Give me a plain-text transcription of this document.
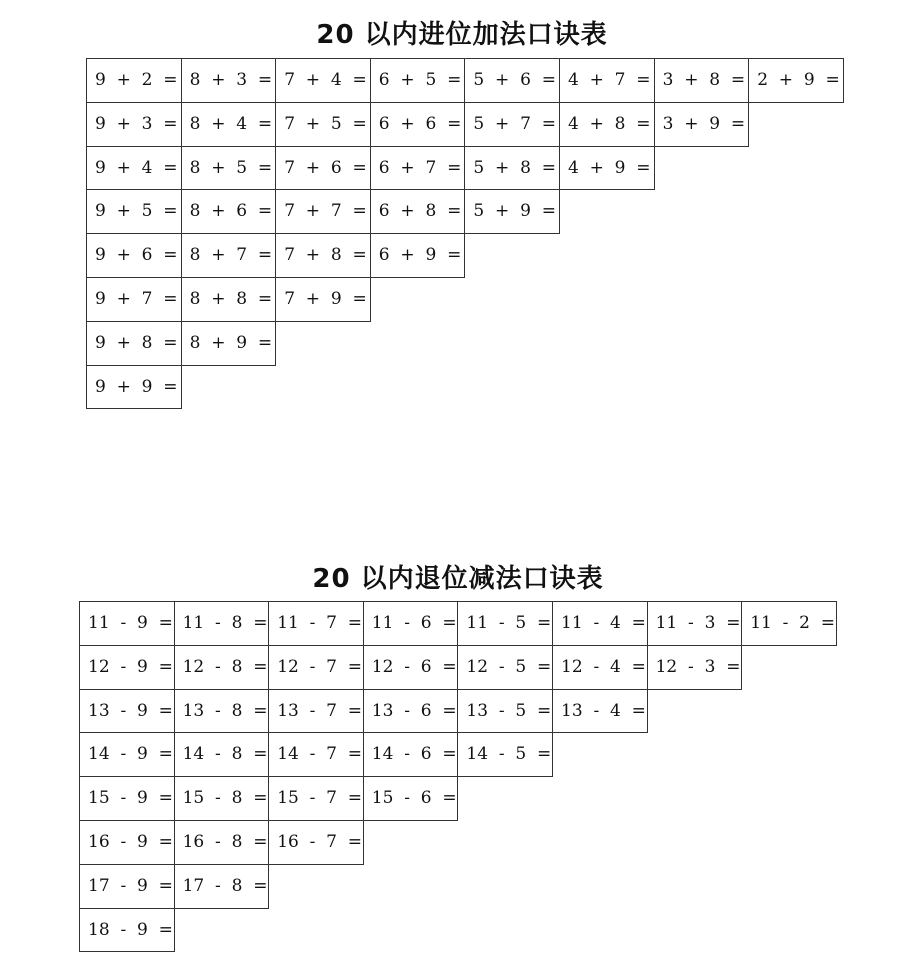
20 以内进位加法口诀表
9  +  2  = 8  +  3  = 7  +  4  = 6  +  5  = 5  +  6  = 4  +  7  = 3  +  8  = 2  +  9  =
9  +  3  = 8  +  4  = 7  +  5  = 6  +  6  = 5  +  7  = 4  +  8  = 3  +  9  =
9  +  4  = 8  +  5  = 7  +  6  = 6  +  7  = 5  +  8  = 4  +  9  =
9  +  5  = 8  +  6  = 7  +  7  = 6  +  8  = 5  +  9  =
9  +  6  = 8  +  7  = 7  +  8  = 6  +  9  =
9  +  7  = 8  +  8  = 7  +  9  =
9  +  8  = 8  +  9  =
9  +  9  =
20 以内退位减法口诀表
11  -  9  = 11  -  8  = 11  -  7  = 11  -  6  = 11  -  5  = 11  -  4  = 11  -  3  = 11  -  2  =
12  -  9  = 12  -  8  = 12  -  7  = 12  -  6  = 12  -  5  = 12  -  4  = 12  -  3  =
13  -  9  = 13  -  8  = 13  -  7  = 13  -  6  = 13  -  5  = 13  -  4  =
14  -  9  = 14  -  8  = 14  -  7  = 14  -  6  = 14  -  5  =
15  -  9  = 15  -  8  = 15  -  7  = 15  -  6  =
16  -  9  = 16  -  8  = 16  -  7  =
17  -  9  = 17  -  8  =
18  -  9  =
